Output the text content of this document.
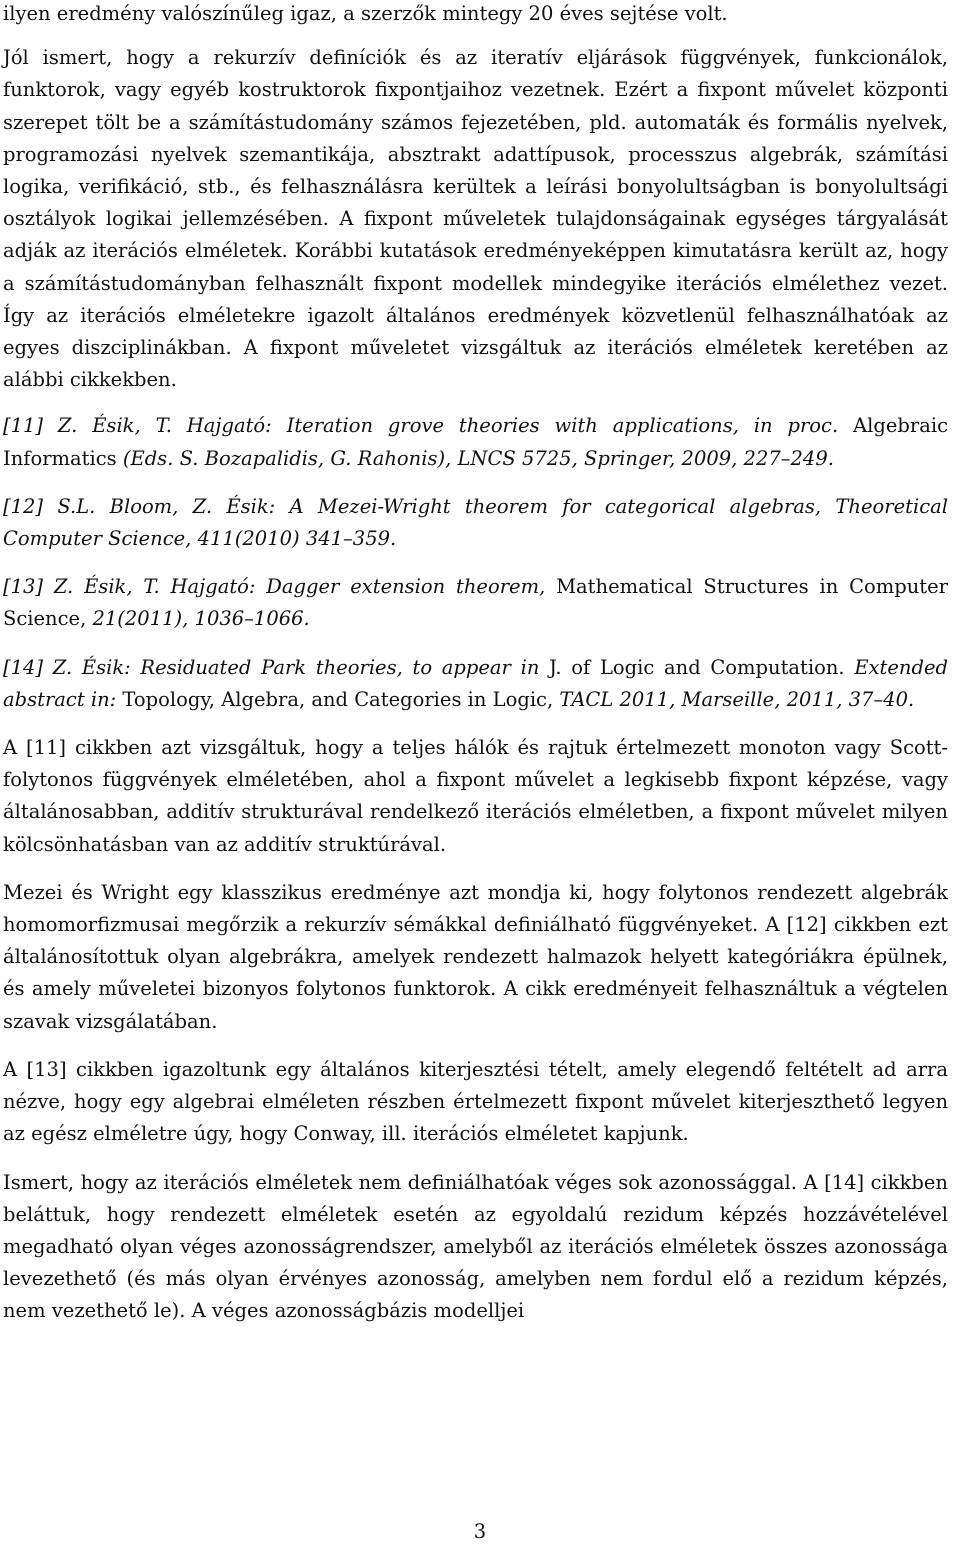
ilyen eredmény valószínűleg igaz, a szerzők mintegy 20 éves sejtése volt.

Jól ismert, hogy a rekurzív definíciók és az iteratív eljárások függvények, funkcionálok, funktorok, vagy egyéb kostruktorok fixpontjaihoz vezetnek. Ezért a fixpont művelet központi szerepet tölt be a számítástudomány számos fejezetében, pld. automaták és formális nyelvek, programozási nyelvek szemantikája, absztrakt adattípusok, processzus algebrák, számítási logika, verifikáció, stb., és felhasználásra kerültek a leírási bonyolultságban is bonyolultsági osztályok logikai jellemzésében. A fixpont műveletek tulajdonságainak egységes tárgyalását adják az iterációs elméletek. Korábbi kutatások eredményeképpen kimutatásra került az, hogy a számítástudományban felhasznált fixpont modellek mindegyike iterációs elmélethez vezet. Így az iterációs elméletekre igazolt általános eredmények közvetlenül felhasználhatóak az egyes diszciplinákban. A fixpont műveletet vizsgáltuk az iterációs elméletek keretében az alábbi cikkekben.

[11] Z. Ésik, T. Hajgató: Iteration grove theories with applications, in proc. Algebraic Informatics (Eds. S. Bozapalidis, G. Rahonis), LNCS 5725, Springer, 2009, 227–249.

[12] S.L. Bloom, Z. Ésik: A Mezei-Wright theorem for categorical algebras, Theoretical Computer Science, 411(2010) 341–359.

[13] Z. Ésik, T. Hajgató: Dagger extension theorem, Mathematical Structures in Computer Science, 21(2011), 1036–1066.

[14] Z. Ésik: Residuated Park theories, to appear in J. of Logic and Computation. Extended abstract in: Topology, Algebra, and Categories in Logic, TACL 2011, Marseille, 2011, 37–40.

A [11] cikkben azt vizsgáltuk, hogy a teljes hálók és rajtuk értelmezett monoton vagy Scott-folytonos függvények elméletében, ahol a fixpont művelet a legkisebb fixpont képzése, vagy általánosabban, additív strukturával rendelkező iterációs elméletben, a fixpont művelet milyen kölcsönhatásban van az additív struktúrával.

Mezei és Wright egy klasszikus eredménye azt mondja ki, hogy folytonos rendezett algebrák homomorfizmusai megőrzik a rekurzív sémákkal definiálható függvényeket. A [12] cikkben ezt általánosítottuk olyan algebrákra, amelyek rendezett halmazok helyett kategóriákra épülnek, és amely műveletei bizonyos folytonos funktorok. A cikk eredményeit felhasználtuk a végtelen szavak vizsgálatában.

A [13] cikkben igazoltunk egy általános kiterjesztési tételt, amely elegendő feltételt ad arra nézve, hogy egy algebrai elméleten részben értelmezett fixpont művelet kiterjeszthető legyen az egész elméletre úgy, hogy Conway, ill. iterációs elméletet kapjunk.

Ismert, hogy az iterációs elméletek nem definiálhatóak véges sok azonossággal. A [14] cikkben beláttuk, hogy rendezett elméletek esetén az egyoldalú rezidum képzés hozzávételével megadható olyan véges azonosságrendszer, amelyből az iterációs elméletek összes azonossága levezethető (és más olyan érvényes azonosság, amelyben nem fordul elő a rezidum képzés, nem vezethető le). A véges azonosságbázis modelljei

3
